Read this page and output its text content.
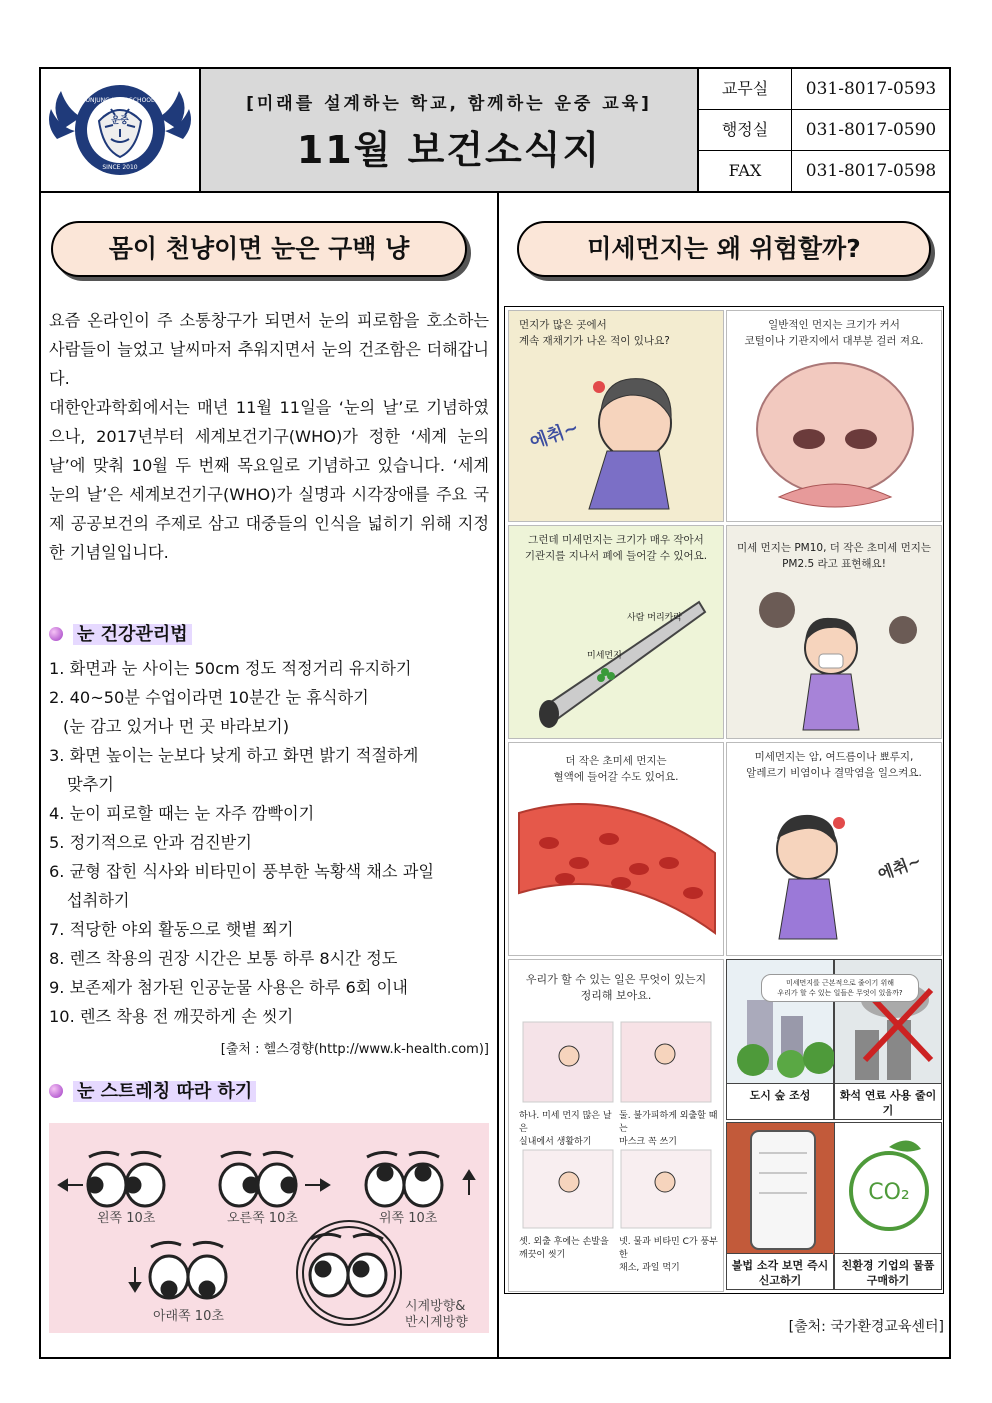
UNJUNG HIGH SCHOOL
운중
SINCE 2010
[미래를 설계하는 학교, 함께하는 운중 교육]
11월 보건소식지
교무실	031-8017-0593
행정실	031-8017-0590
FAX	031-8017-0598
몸이 천냥이면 눈은 구백 냥

요즘 온라인이 주 소통창구가 되면서 눈의 피로함을 호소하는 사람들이 늘었고 날씨마저 추워지면서 눈의 건조함은 더해갑니다.

대한안과학회에서는 매년 11월 11일을 ‘눈의 날’로 기념하였으나, 2017년부터 세계보건기구(WHO)가 정한 ‘세계 눈의 날’에 맞춰 10월 두 번째 목요일로 기념하고 있습니다. ‘세계 눈의 날’은 세계보건기구(WHO)가 실명과 시각장애를 주요 국제 공공보건의 주제로 삼고 대중들의 인식을 넓히기 위해 지정한 기념일입니다.

눈 건강관리법
1. 화면과 눈 사이는 50cm 정도 적정거리 유지하기
2. 40~50분 수업이라면 10분간 눈 휴식하기
(눈 감고 있거나 먼 곳 바라보기)
3. 화면 높이는 눈보다 낮게 하고 화면 밝기 적절하게
맞추기
4. 눈이 피로할 때는 눈 자주 깜빡이기
5. 정기적으로 안과 검진받기
6. 균형 잡힌 식사와 비타민이 풍부한 녹황색 채소 과일
섭취하기
7. 적당한 야외 활동으로 햇볕 쬐기
8. 렌즈 착용의 권장 시간은 보통 하루 8시간 정도
9. 보존제가 첨가된 인공눈물 사용은 하루 6회 이내
10. 렌즈 착용 전 깨끗하게 손 씻기
[출처 : 헬스경향(http://www.k-health.com)]
눈 스트레칭 따라 하기
왼쪽 10초	오른쪽 10초	위쪽 10초
아래쪽 10초
시계방향&
반시계방향
미세먼지는 왜 위험할까?
먼지가 많은 곳에서
계속 재채기가 나온 적이 있나요?
에취~
일반적인 먼지는 크기가 커서
코털이나 기관지에서 대부분 걸러 져요.
그런데 미세먼지는 크기가 매우 작아서
기관지를 지나서 폐에 들어갈 수 있어요.
사람 머리카락
미세먼지
미세 먼지는 PM10, 더 작은 초미세 먼지는
PM2.5 라고 표현해요!
더 작은 초미세 먼지는
혈액에 들어갈 수도 있어요.
미세먼지는 암, 여드름이나 뾰루지,
알레르기 비염이나 결막염을 일으켜요.
에취~
우리가 할 수 있는 일은 무엇이 있는지
정리해 보아요.
하나. 미세 먼지 많은 날은
실내에서 생활하기
둘. 불가피하게 외출할 때는
마스크 꼭 쓰기
셋. 외출 후에는 손발을
깨끗이 씻기
넷. 물과 비타민 C가 풍부한
채소, 과일 먹기
미세먼지를 근본적으로 줄이기 위해
우리가 할 수 있는 일들은 무엇이 있을까?
도시 숲 조성	화석 연료 사용 줄이기
불법 소각 보면 즉시 신고하기
CO₂
친환경 기업의 물품 구매하기
[출처: 국가환경교육센터]
